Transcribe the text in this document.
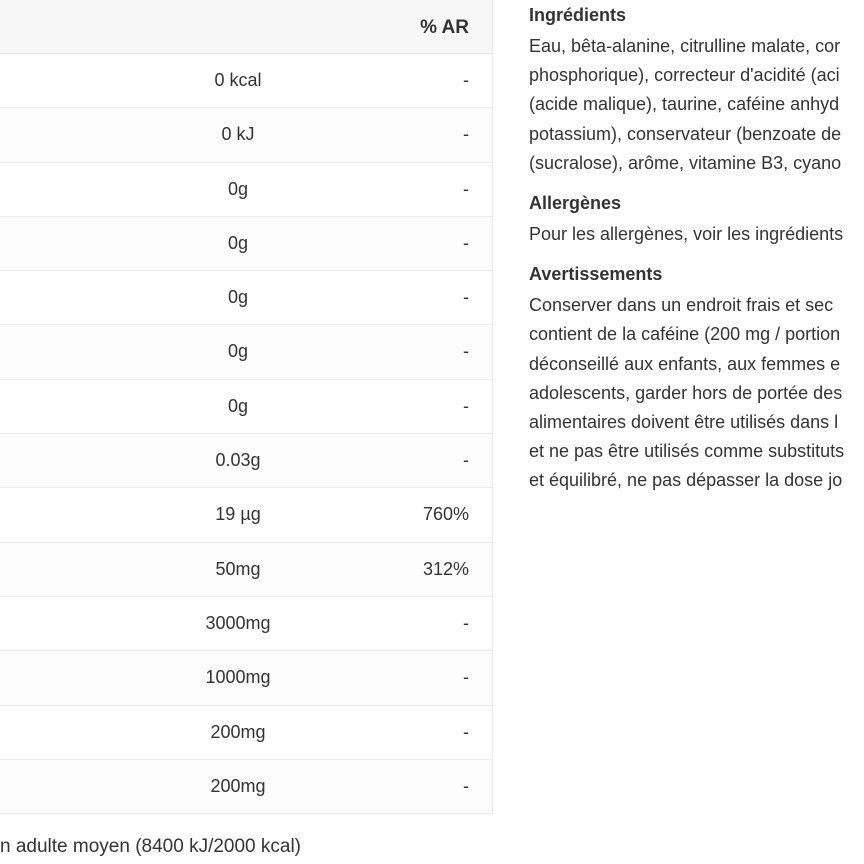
% AR
0 kcal	-
0 kJ	-
0g	-
0g	-
0g	-
0g	-
0g	-
0.03g	-
19 µg	760%
50mg	312%
3000mg	-
1000mg	-
200mg	-
200mg	-
n adulte moyen (8400 kJ/2000 kcal)
Ingrédients
Eau, bêta-alanine, citrulline malate, cor
phosphorique), correcteur d'acidité (aci
(acide malique), taurine, caféine anhyd
potassium), conservateur (benzoate de
(sucralose), arôme, vitamine B3, cyano
Allergènes
Pour les allergènes, voir les ingrédients
Avertissements
Conserver dans un endroit frais et sec
contient de la caféine (200 mg / portion
déconseillé aux enfants, aux femmes e
adolescents, garder hors de portée des
alimentaires doivent être utilisés dans l
et ne pas être utilisés comme substituts
et équilibré, ne pas dépasser la dose jo
